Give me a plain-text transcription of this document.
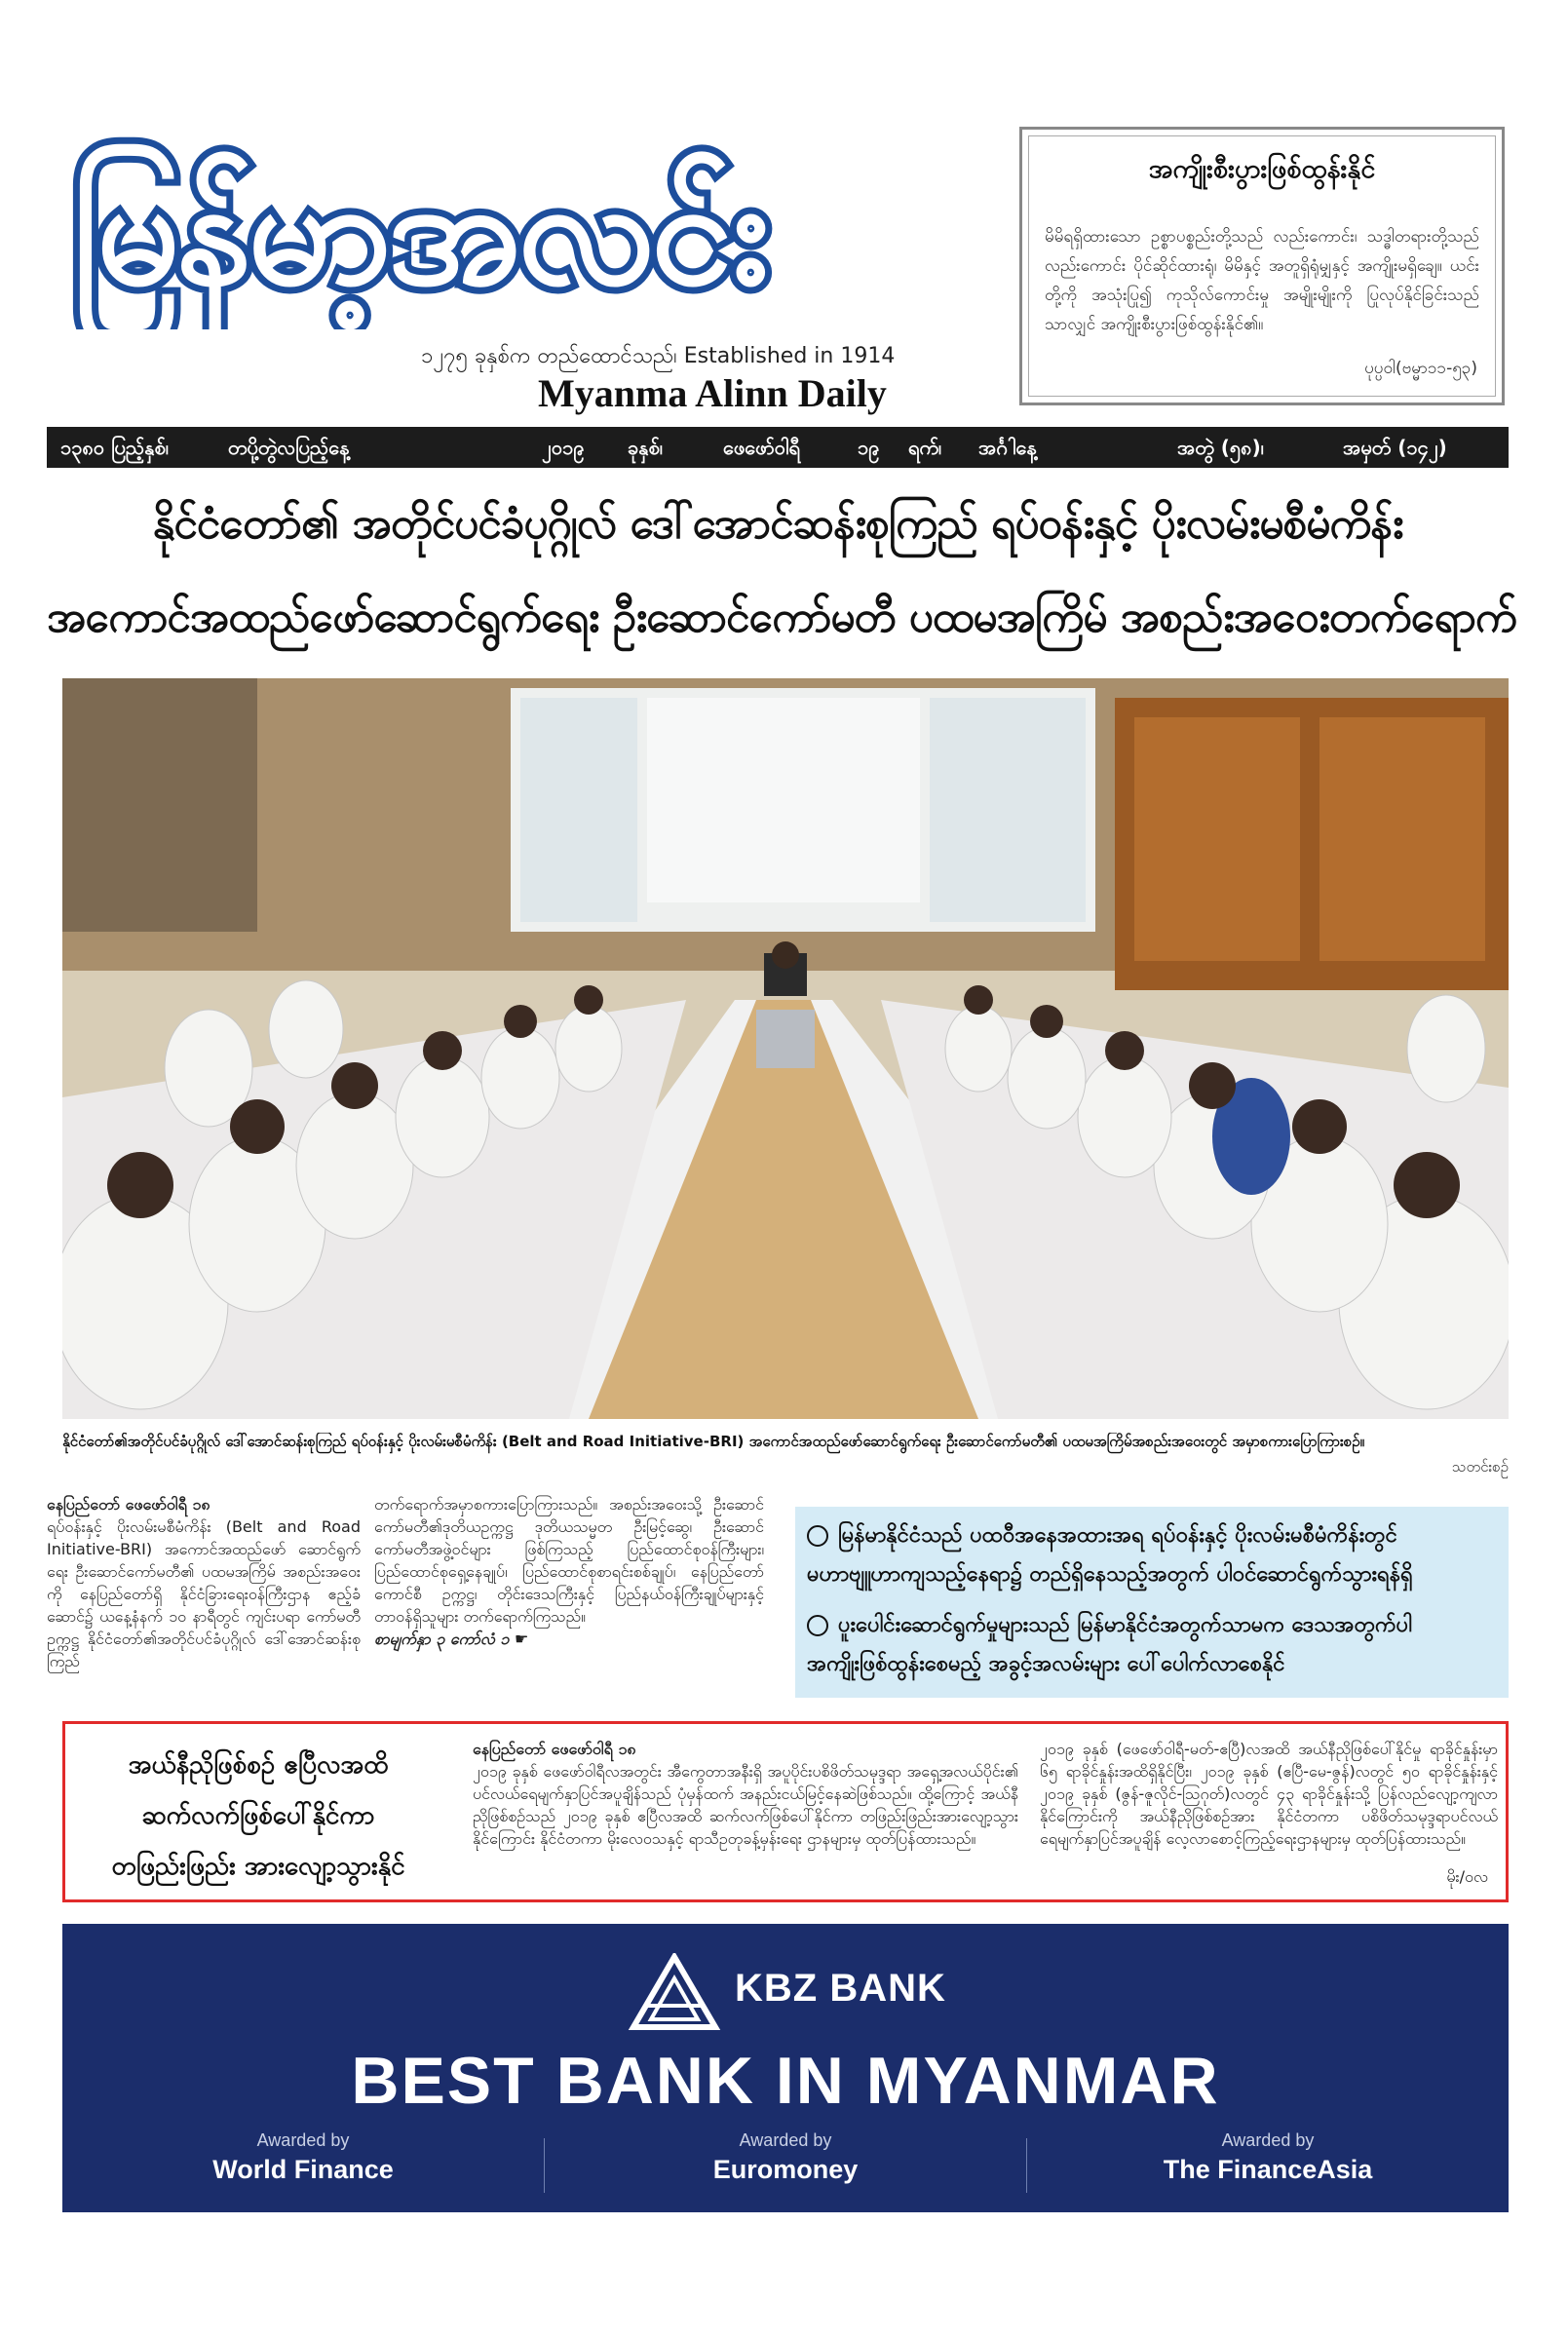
မြန်မာ့အလင်း
၁၂၇၅ ခုနှစ်က တည်ထောင်သည်၊ Established in 1914
Myanma Alinn Daily
အကျိုးစီးပွားဖြစ်ထွန်းနိုင်
မိမိရရှိထားသော ဥစ္စာပစ္စည်းတို့သည် လည်းကောင်း၊ သဒ္ဓါတရားတို့သည် လည်းကောင်း ပိုင်ဆိုင်ထားရုံ၊ မိမိနှင့် အတူရှိရုံမျှနှင့် အကျိုးမရှိချေ။ ယင်းတို့ကို အသုံးပြု၍ ကုသိုလ်ကောင်းမှု အမျိုးမျိုးကို ပြုလုပ်နိုင်ခြင်းသည်သာလျှင် အကျိုးစီးပွားဖြစ်ထွန်းနိုင်၏။
ပုပ္ပဝါ(ဗမ္မာ၁၁-၅၃)
၁၃၈၀ ပြည့်နှစ်၊	တပို့တွဲလပြည့်နေ့	၂၀၁၉ ခုနှစ်၊	ဖေဖော်ဝါရီ	၁၉ ရက်၊ အင်္ဂါနေ့	အတွဲ (၅၈)၊	အမှတ် (၁၄၂)
နိုင်ငံတော်၏ အတိုင်ပင်ခံပုဂ္ဂိုလ် ဒေါ်အောင်ဆန်းစုကြည် ရပ်ဝန်းနှင့် ပိုးလမ်းမစီမံကိန်း
အကောင်အထည်ဖော်ဆောင်ရွက်ရေး ဦးဆောင်ကော်မတီ ပထမအကြိမ် အစည်းအဝေးတက်ရောက်
နိုင်ငံတော်၏အတိုင်ပင်ခံပုဂ္ဂိုလ် ဒေါ်အောင်ဆန်းစုကြည် ရပ်ဝန်းနှင့် ပိုးလမ်းမစီမံကိန်း (Belt and Road Initiative-BRI) အကောင်အထည်ဖော်ဆောင်ရွက်ရေး ဦးဆောင်ကော်မတီ၏ ပထမအကြိမ်အစည်းအဝေးတွင် အမှာစကားပြောကြားစဉ်။
သတင်းစဉ်
နေပြည်တော် ဖေဖော်ဝါရီ ၁၈
ရပ်ဝန်းနှင့် ပိုးလမ်းမစီမံကိန်း (Belt and Road Initiative-BRI) အကောင်အထည်ဖော် ဆောင်ရွက်ရေး ဦးဆောင်ကော်မတီ၏ ပထမအကြိမ် အစည်းအဝေးကို နေပြည်တော်ရှိ နိုင်ငံခြားရေးဝန်ကြီးဌာန ဧည့်ခံဆောင်၌ ယနေ့နံနက် ၁၀ နာရီတွင် ကျင်းပရာ ကော်မတီဥက္ကဋ္ဌ နိုင်ငံတော်၏အတိုင်ပင်ခံပုဂ္ဂိုလ် ဒေါ်အောင်ဆန်းစုကြည်
တက်ရောက်အမှာစကားပြောကြားသည်။ အစည်းအဝေးသို့ ဦးဆောင်ကော်မတီ၏ဒုတိယဥက္ကဋ္ဌ ဒုတိယသမ္မတ ဦးမြင့်ဆွေ၊ ဦးဆောင်ကော်မတီအဖွဲ့ဝင်များ ဖြစ်ကြသည့် ပြည်ထောင်စုဝန်ကြီးများ၊ ပြည်ထောင်စုရှေ့နေချုပ်၊ ပြည်ထောင်စုစာရင်းစစ်ချုပ်၊ နေပြည်တော်ကောင်စီ ဥက္ကဋ္ဌ၊ တိုင်းဒေသကြီးနှင့် ပြည်နယ်ဝန်ကြီးချုပ်များနှင့် တာဝန်ရှိသူများ တက်ရောက်ကြသည်။
စာမျက်နှာ ၃ ကော်လံ ၁ ☛
မြန်မာနိုင်ငံသည် ပထဝီအနေအထားအရ ရပ်ဝန်းနှင့် ပိုးလမ်းမစီမံကိန်းတွင် မဟာဗျူဟာကျသည့်နေရာ၌ တည်ရှိနေသည့်အတွက် ပါဝင်ဆောင်ရွက်သွားရန်ရှိ
ပူးပေါင်းဆောင်ရွက်မှုများသည် မြန်မာနိုင်ငံအတွက်သာမက ဒေသအတွက်ပါ အကျိုးဖြစ်ထွန်းစေမည့် အခွင့်အလမ်းများ ပေါ်ပေါက်လာစေနိုင်
အယ်နီညိုဖြစ်စဉ် ဧပြီလအထိ
ဆက်လက်ဖြစ်ပေါ်နိုင်ကာ
တဖြည်းဖြည်း အားလျော့သွားနိုင်
နေပြည်တော် ဖေဖော်ဝါရီ ၁၈
၂၀၁၉ ခုနှစ် ဖေဖော်ဝါရီလအတွင်း အီကွေတာအနီးရှိ အပူပိုင်းပစိဖိတ်သမုဒ္ဒရာ အရှေ့အလယ်ပိုင်း၏ ပင်လယ်ရေမျက်နှာပြင်အပူချိန်သည် ပုံမှန်ထက် အနည်းငယ်မြင့်နေဆဲဖြစ်သည်။ ထို့ကြောင့် အယ်နီညိုဖြစ်စဉ်သည် ၂၀၁၉ ခုနှစ် ဧပြီလအထိ ဆက်လက်ဖြစ်ပေါ်နိုင်ကာ တဖြည်းဖြည်းအားလျော့သွားနိုင်ကြောင်း နိုင်ငံတကာ မိုးလေဝသနှင့် ရာသီဥတုခန့်မှန်းရေး ဌာနများမှ ထုတ်ပြန်ထားသည်။
၂၀၁၉ ခုနှစ် (ဖေဖော်ဝါရီ-မတ်-ဧပြီ)လအထိ အယ်နီညိုဖြစ်ပေါ်နိုင်မှု ရာခိုင်နှုန်းမှာ ၆၅ ရာခိုင်နှုန်းအထိရှိနိုင်ပြီး၊ ၂၀၁၉ ခုနှစ် (ဧပြီ-မေ-ဇွန်)လတွင် ၅၀ ရာခိုင်နှုန်းနှင့် ၂၀၁၉ ခုနှစ် (ဇွန်-ဇူလိုင်-ဩဂုတ်)လတွင် ၄၃ ရာခိုင်နှုန်းသို့ ပြန်လည်လျော့ကျလာနိုင်ကြောင်းကို အယ်နီညိုဖြစ်စဉ်အား နိုင်ငံတကာ ပစိဖိတ်သမုဒ္ဒရာပင်လယ်ရေမျက်နှာပြင်အပူချိန် လေ့လာစောင့်ကြည့်ရေးဌာနများမှ ထုတ်ပြန်ထားသည်။
မိုး/၀လ
KBZ BANK
BEST BANK IN MYANMAR
Awarded by
World Finance
Awarded by
Euromoney
Awarded by
The FinanceAsia
